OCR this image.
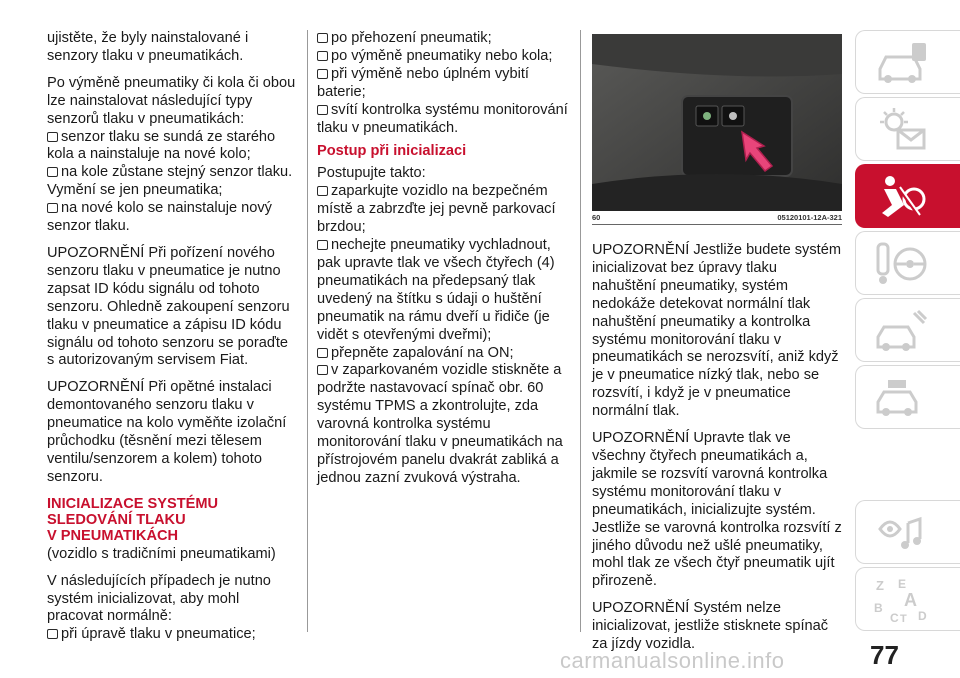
ujistěte, že byly nainstalované i senzory tlaku v pneumatikách.

Po výměně pneumatiky či kola či obou lze nainstalovat následující typy senzorů tlaku v pneumatikách:

senzor tlaku se sundá ze starého kola a nainstaluje na nové kolo;
na kole zůstane stejný senzor tlaku. Vymění se jen pneumatika;
na nové kolo se nainstaluje nový senzor tlaku.

UPOZORNĚNÍ Při pořízení nového senzoru tlaku v pneumatice je nutno zapsat ID kódu signálu od tohoto senzoru. Ohledně zakoupení senzoru tlaku v pneumatice a zápisu ID kódu signálu od tohoto senzoru se poraďte s autorizovaným servisem Fiat.

UPOZORNĚNÍ Při opětné instalaci demontovaného senzoru tlaku v pneumatice na kolo vyměňte izolační průchodku (těsnění mezi tělesem ventilu/senzorem a kolem) tohoto senzoru.

INICIALIZACE SYSTÉMU
SLEDOVÁNÍ TLAKU
V PNEUMATIKÁCH

(vozidlo s tradičními pneumatikami)

V následujících případech je nutno systém inicializovat, aby mohl pracovat normálně:

při úpravě tlaku v pneumatice;
po přehození pneumatik;
po výměně pneumatiky nebo kola;
při výměně nebo úplném vybití baterie;
svítí kontrolka systému monitorování tlaku v pneumatikách.
Postup při inicializaci
Postupujte takto:
zaparkujte vozidlo na bezpečném místě a zabrzďte jej pevně parkovací brzdou;
nechejte pneumatiky vychladnout, pak upravte tlak ve všech čtyřech (4) pneumatikách na předepsaný tlak uvedený na štítku s údaji o huštění pneumatik na rámu dveří u řidiče (je vidět s otevřenými dveřmi);
přepněte zapalování na ON;
v zaparkovaném vozidle stiskněte a podržte nastavovací spínač obr. 60 systému TPMS a zkontrolujte, zda varovná kontrolka systému monitorování tlaku v pneumatikách na přístrojovém panelu dvakrát zabliká a jednou zazní zvuková výstraha.
60	05120101-12A-321

UPOZORNĚNÍ Jestliže budete systém inicializovat bez úpravy tlaku nahuštění pneumatiky, systém nedokáže detekovat normální tlak nahuštění pneumatiky a kontrolka systému monitorování tlaku v pneumatikách se nerozsvítí, aniž když je v pneumatice nízký tlak, nebo se rozsvítí, i když je v pneumatice normální tlak.

UPOZORNĚNÍ Upravte tlak ve všechny čtyřech pneumatikách a, jakmile se rozsvítí varovná kontrolka systému monitorování tlaku v pneumatikách, inicializujte systém. Jestliže se varovná kontrolka rozsvítí z jiného důvodu než ušlé pneumatiky, mohl tlak ze všech čtyř pneumatik ujít přirozeně.

UPOZORNĚNÍ Systém nelze inicializovat, jestliže stisknete spínač za jízdy vozidla.

Z E
A
B
C D
T
77
carmanualsonline.info
